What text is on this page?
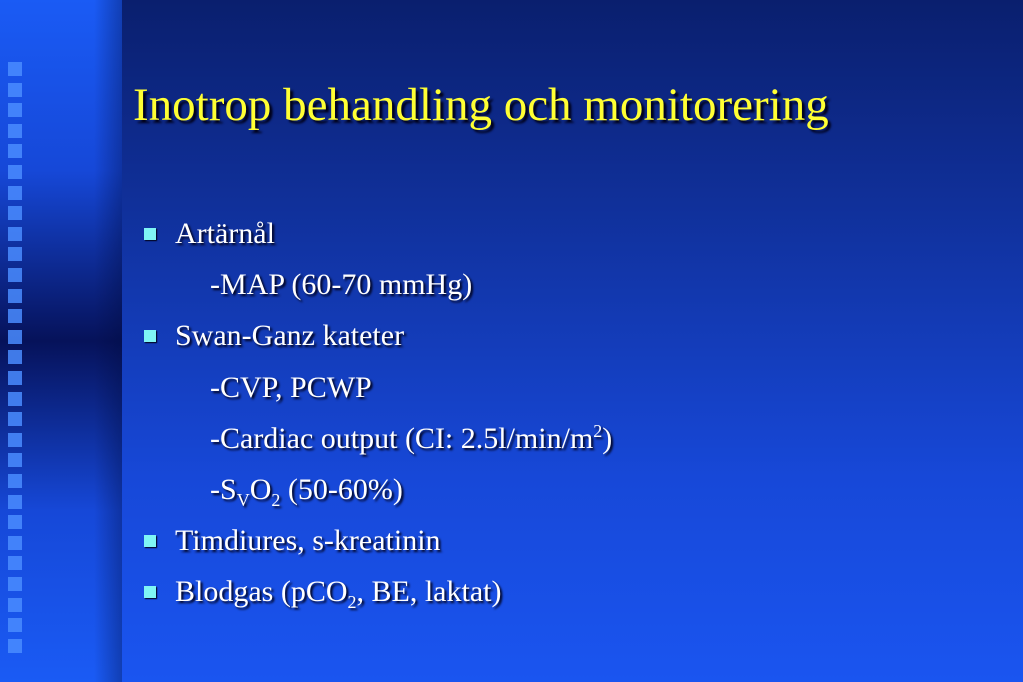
Inotrop behandling och monitorering
Artärnål
-MAP (60-70 mmHg)
Swan-Ganz kateter
-CVP, PCWP
-Cardiac output (CI: $2.5l/\min/m^2$)
$-S_VO_2$ (50-60%)
Timdiures, s-kreatinin
Blodgas (pCO$_2$, BE, laktat)
